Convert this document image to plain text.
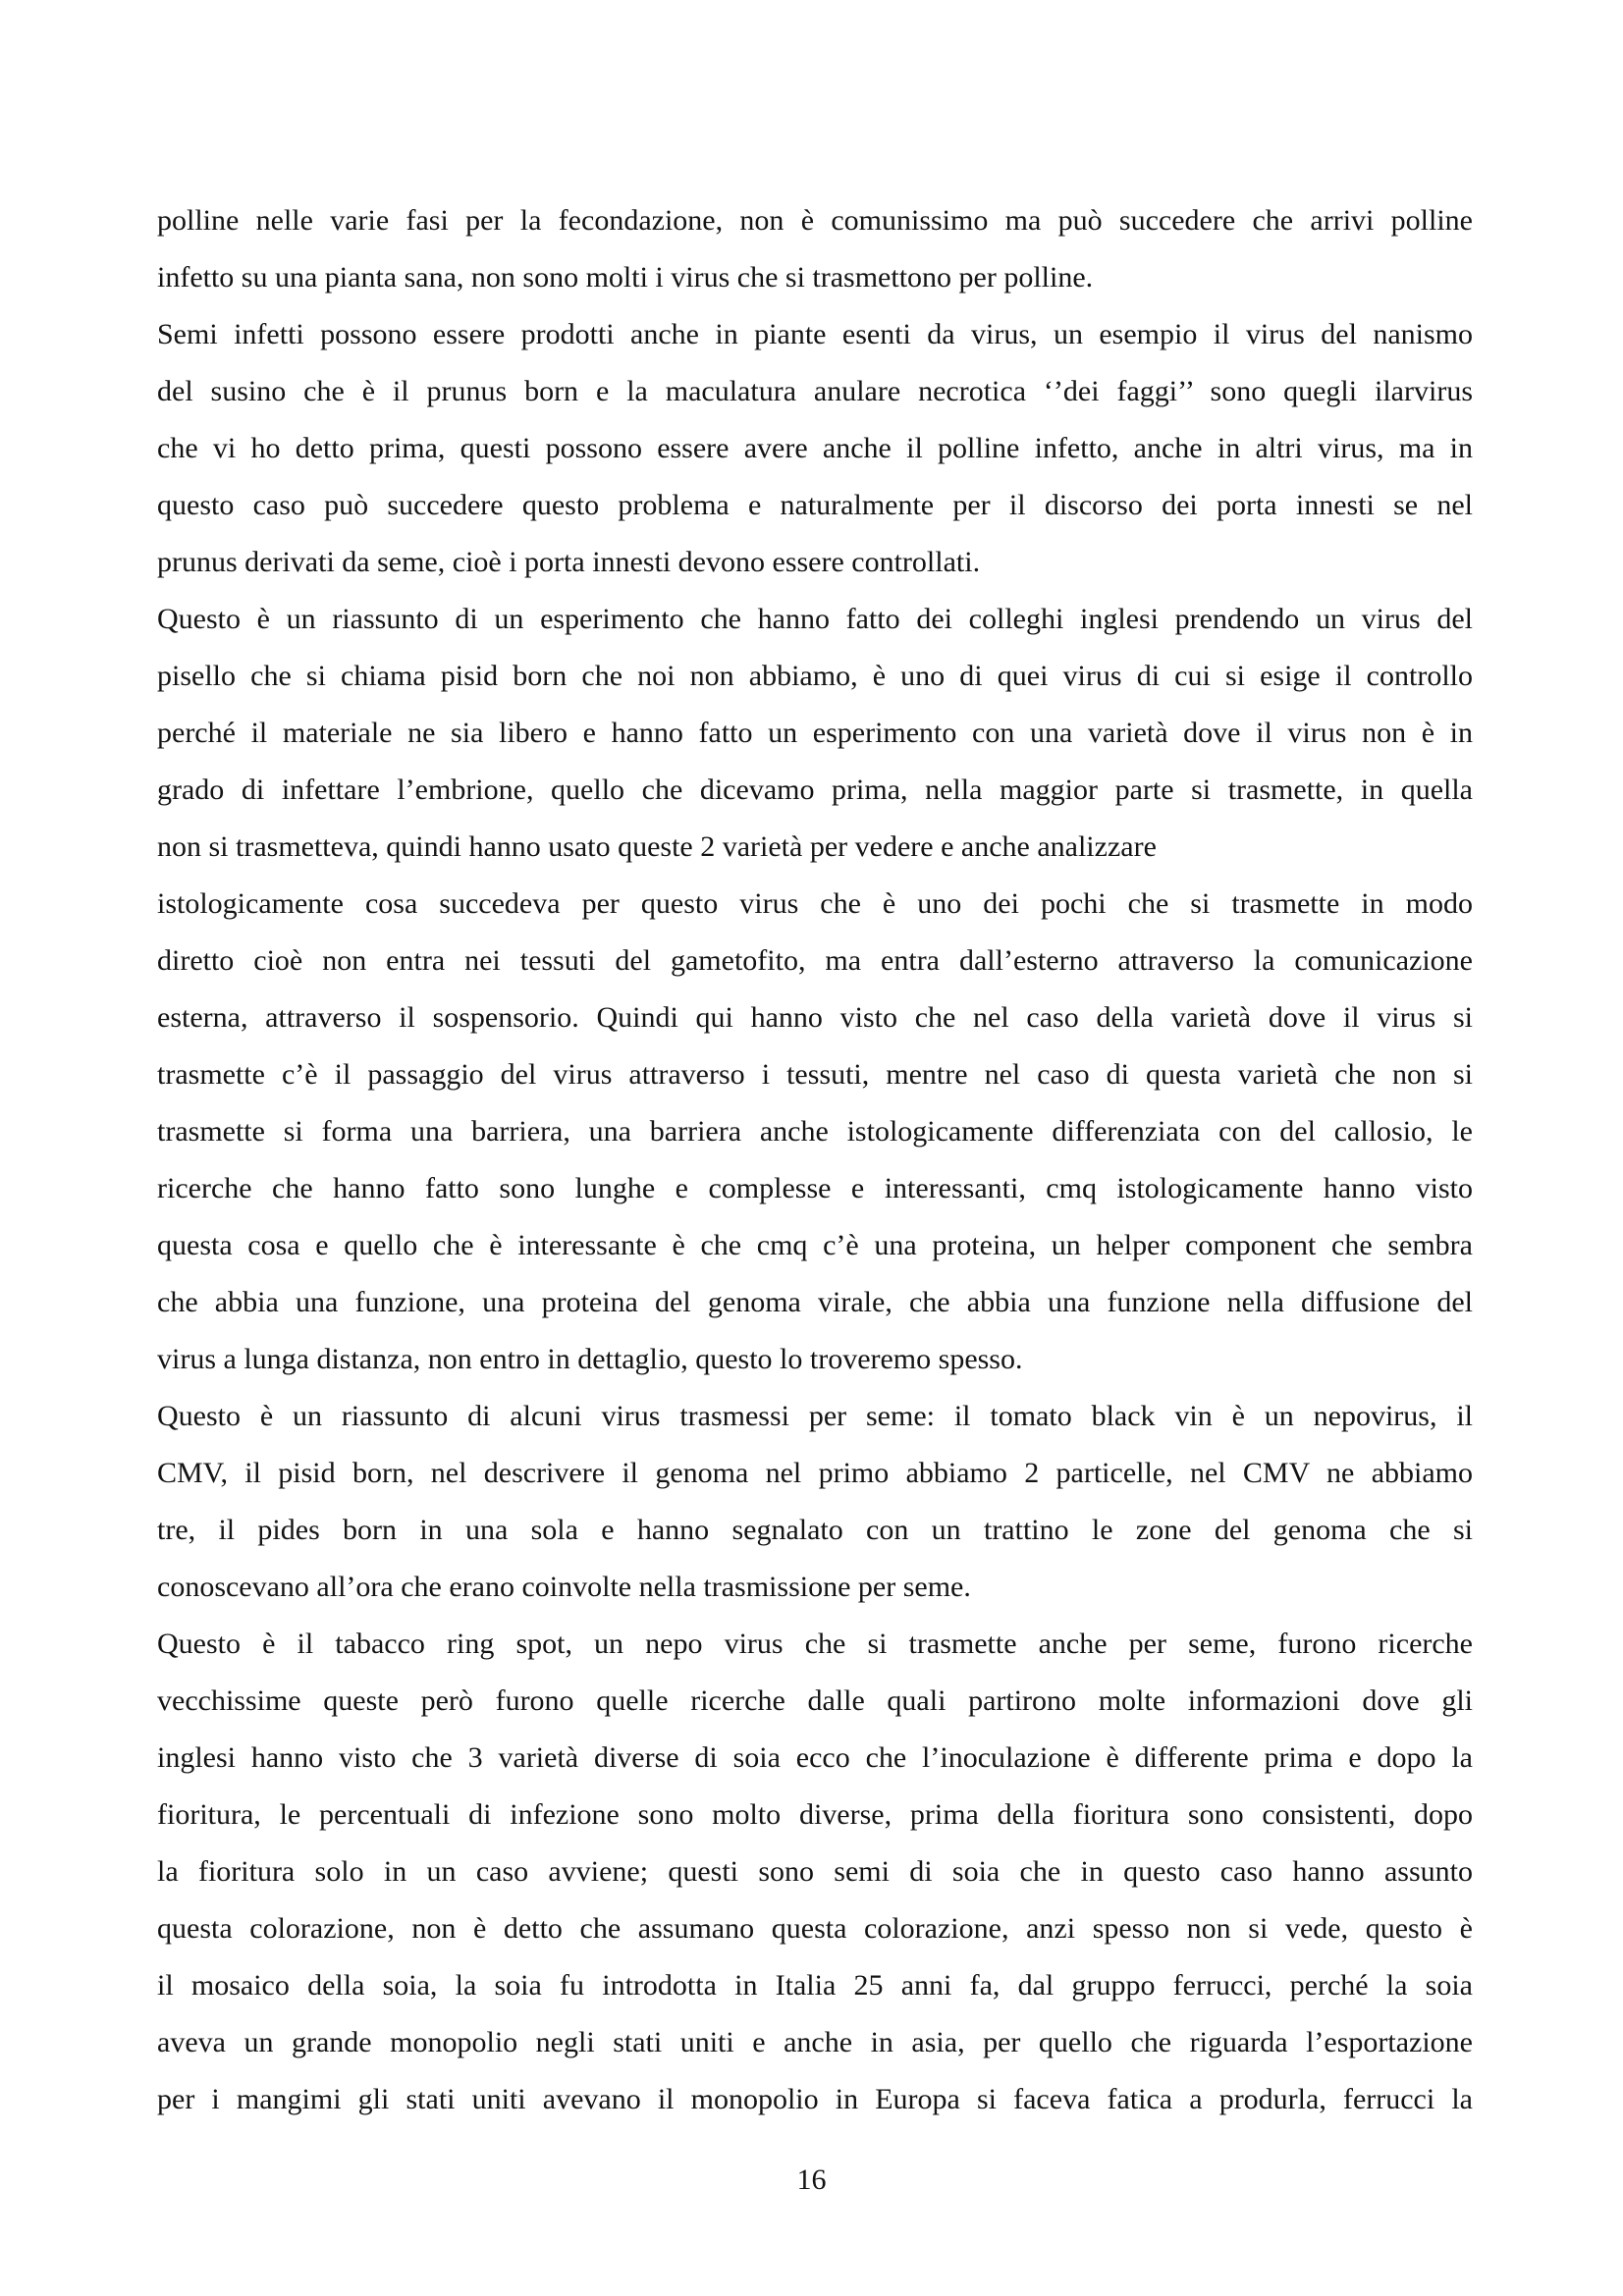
polline nelle varie fasi per la fecondazione, non è comunissimo ma può succedere che arrivi polline
infetto su una pianta sana, non sono molti i virus che si trasmettono per polline.
Semi infetti possono essere prodotti anche in piante esenti da virus, un esempio il virus del nanismo
del susino che è il prunus born e la maculatura anulare necrotica ‘’dei faggi’’ sono quegli ilarvirus
che vi ho detto prima, questi possono essere avere anche il polline infetto, anche in altri virus, ma in
questo caso può succedere questo problema e naturalmente per il discorso dei porta innesti se nel
prunus derivati da seme, cioè i porta innesti devono essere controllati.
Questo è un riassunto di un esperimento che hanno fatto dei colleghi inglesi prendendo un virus del
pisello che si chiama pisid born che noi non abbiamo, è uno di quei virus di cui si esige il controllo
perché il materiale ne sia libero e hanno fatto un esperimento con una varietà dove il virus non è in
grado di infettare l’embrione, quello che dicevamo prima, nella maggior parte si trasmette, in quella
non si trasmetteva, quindi hanno usato queste 2 varietà per vedere e anche analizzare
istologicamente cosa succedeva per questo virus che è uno dei pochi che si trasmette in modo
diretto cioè non entra nei tessuti del gametofito, ma entra dall’esterno attraverso la comunicazione
esterna, attraverso il sospensorio. Quindi qui hanno visto che nel caso della varietà dove il virus si
trasmette c’è il passaggio del virus attraverso i tessuti, mentre nel caso di questa varietà che non si
trasmette si forma una barriera, una barriera anche istologicamente differenziata con del callosio, le
ricerche che hanno fatto sono lunghe e complesse e interessanti, cmq istologicamente hanno visto
questa cosa e quello che è interessante è che cmq c’è una proteina, un helper component che sembra
che abbia una funzione, una proteina del genoma virale, che abbia una funzione nella diffusione del
virus a lunga distanza, non entro in dettaglio, questo lo troveremo spesso.
Questo è un riassunto di alcuni virus trasmessi per seme: il tomato black vin è un nepovirus, il
CMV, il pisid born, nel descrivere il genoma nel primo abbiamo 2 particelle, nel CMV ne abbiamo
tre, il pides born in una sola e hanno segnalato con un trattino le zone del genoma che si
conoscevano all’ora che erano coinvolte nella trasmissione per seme.
Questo è il tabacco ring spot, un nepo virus che si trasmette anche per seme, furono ricerche
vecchissime queste però furono quelle ricerche dalle quali partirono molte informazioni dove gli
inglesi hanno visto che 3 varietà diverse di soia ecco che l’inoculazione è differente prima e dopo la
fioritura, le percentuali di infezione sono molto diverse, prima della fioritura sono consistenti, dopo
la fioritura solo in un caso avviene; questi sono semi di soia che in questo caso hanno assunto
questa colorazione, non è detto che assumano questa colorazione, anzi spesso non si vede, questo è
il mosaico della soia, la soia fu introdotta in Italia 25 anni fa, dal gruppo ferrucci, perché la soia
aveva un grande monopolio negli stati uniti e anche in asia, per quello che riguarda l’esportazione
per i mangimi gli stati uniti avevano il monopolio in Europa si faceva fatica a produrla, ferrucci la
16
